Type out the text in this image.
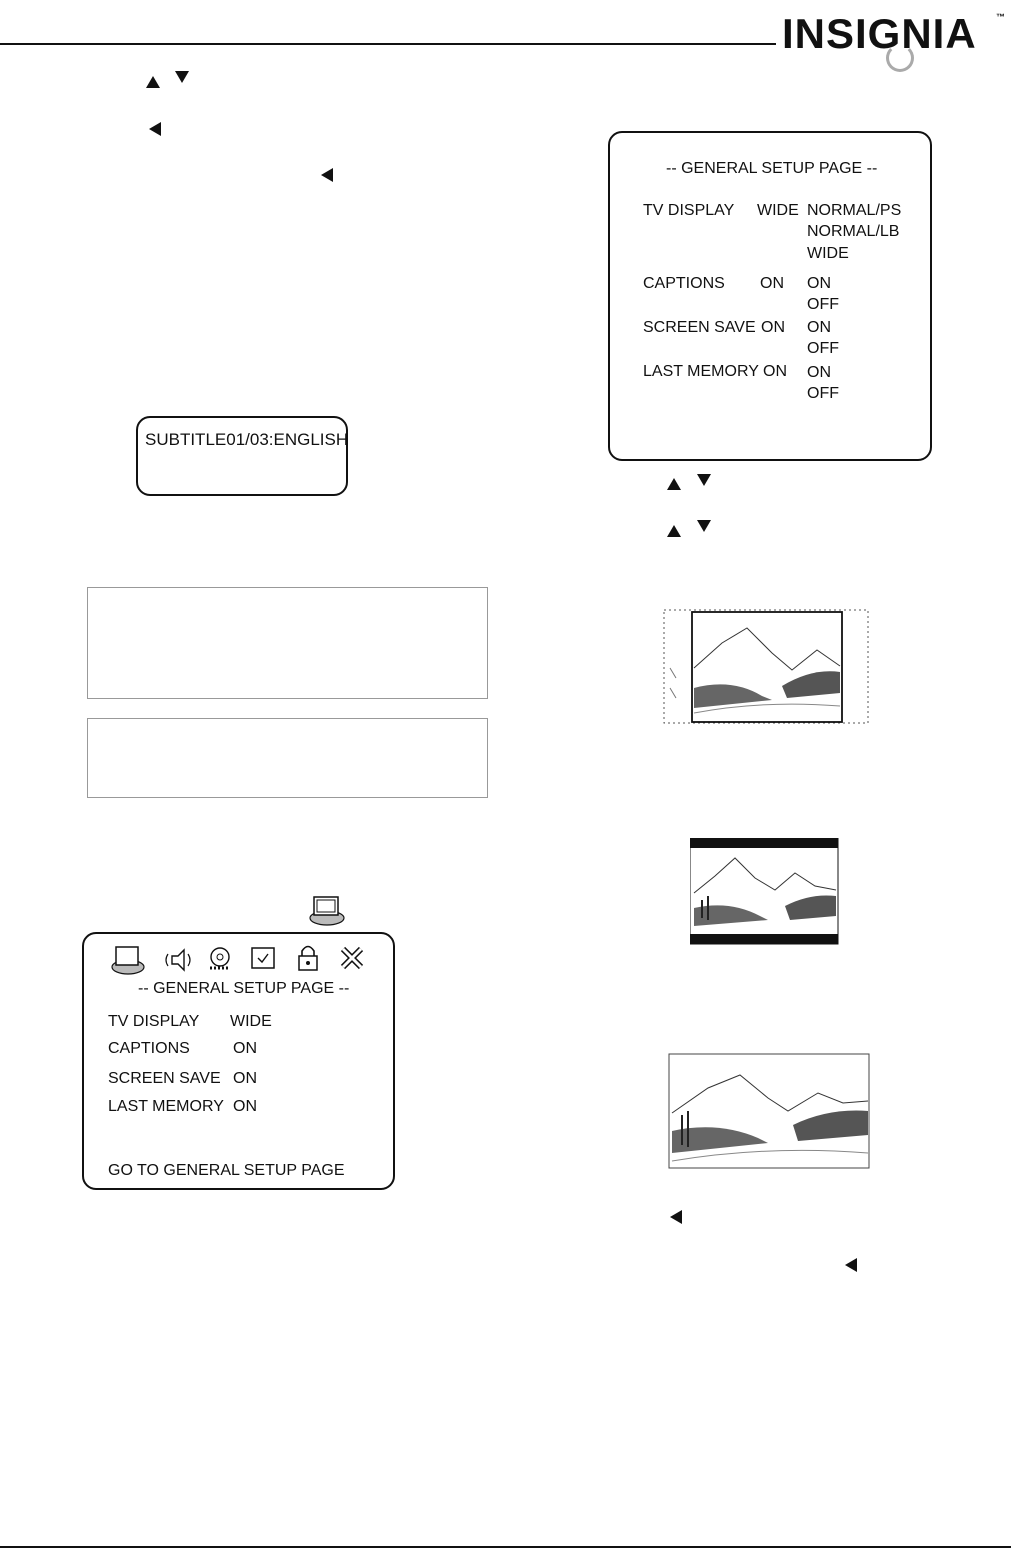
INSIGNIA ™
SUBTITLE01/03:ENGLISH
-- GENERAL SETUP PAGE --
TV DISPLAY WIDE
CAPTIONS	ON
SCREEN SAVE ON
LAST MEMORY ON
GO TO GENERAL SETUP PAGE
-- GENERAL SETUP PAGE --
TV DISPLAY WIDE NORMAL/PS
NORMAL/LB
WIDE
CAPTIONS ON ON
OFF
SCREEN SAVE ON ON
OFF
LAST MEMORY ON ON
OFF
